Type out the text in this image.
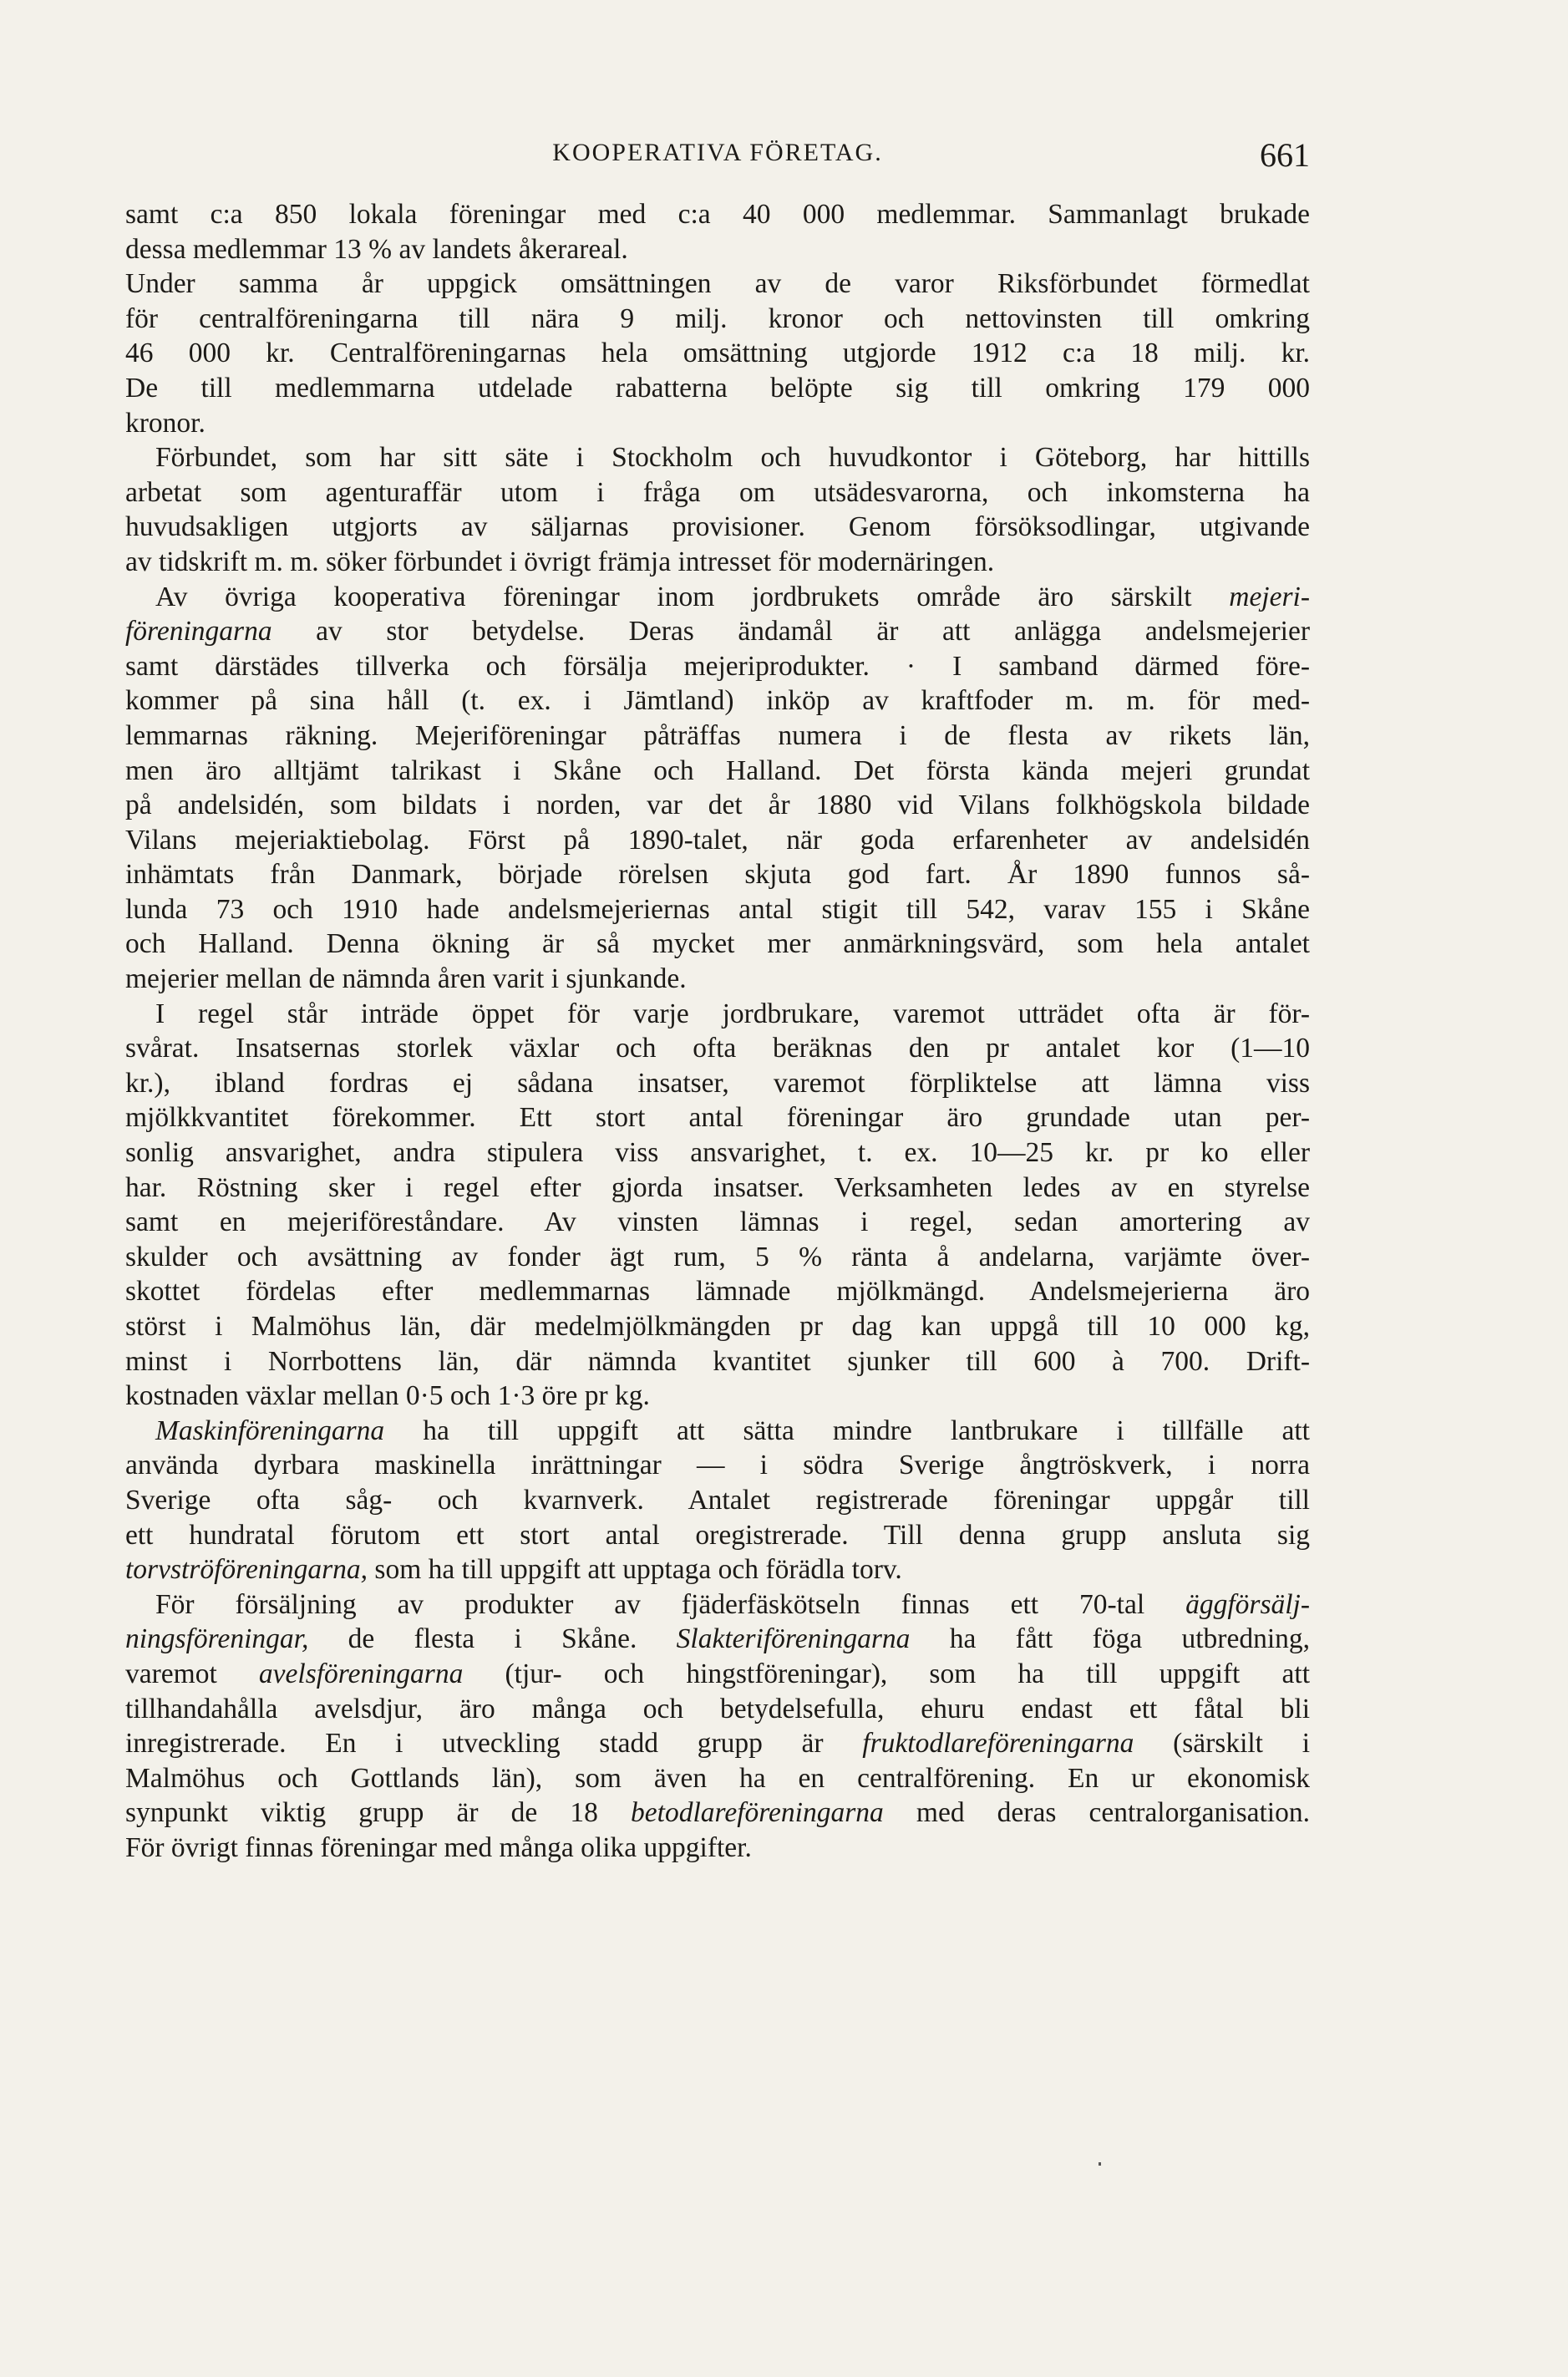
KOOPERATIVA FÖRETAG.	661

samt c:a 850 lokala föreningar med c:a 40 000 medlemmar. Sammanlagt brukade

dessa medlemmar 13 % av landets åkerareal.

Under samma år uppgick omsättningen av de varor Riksförbundet förmedlat

för centralföreningarna till nära 9 milj. kronor och nettovinsten till omkring

46 000 kr. Centralföreningarnas hela omsättning utgjorde 1912 c:a 18 milj. kr.

De till medlemmarna utdelade rabatterna belöpte sig till omkring 179 000

kronor.

Förbundet, som har sitt säte i Stockholm och huvudkontor i Göteborg, har hittills

arbetat som agenturaffär utom i fråga om utsädesvarorna, och inkomsterna ha

huvudsakligen utgjorts av säljarnas provisioner. Genom försöksodlingar, utgivande

av tidskrift m. m. söker förbundet i övrigt främja intresset för modernäringen.

Av övriga kooperativa föreningar inom jordbrukets område äro särskilt mejeri-

föreningarna av stor betydelse. Deras ändamål är att anlägga andelsmejerier

samt därstädes tillverka och försälja mejeriprodukter. · I samband därmed före-

kommer på sina håll (t. ex. i Jämtland) inköp av kraftfoder m. m. för med-

lemmarnas räkning. Mejeriföreningar påträffas numera i de flesta av rikets län,

men äro alltjämt talrikast i Skåne och Halland. Det första kända mejeri grundat

på andelsidén, som bildats i norden, var det år 1880 vid Vilans folkhögskola bildade

Vilans mejeriaktiebolag. Först på 1890-talet, när goda erfarenheter av andelsidén

inhämtats från Danmark, började rörelsen skjuta god fart. År 1890 funnos så-

lunda 73 och 1910 hade andelsmejeriernas antal stigit till 542, varav 155 i Skåne

och Halland. Denna ökning är så mycket mer anmärkningsvärd, som hela antalet

mejerier mellan de nämnda åren varit i sjunkande.

I regel står inträde öppet för varje jordbrukare, varemot utträdet ofta är för-

svårat. Insatsernas storlek växlar och ofta beräknas den pr antalet kor (1—10

kr.), ibland fordras ej sådana insatser, varemot förpliktelse att lämna viss

mjölkkvantitet förekommer. Ett stort antal föreningar äro grundade utan per-

sonlig ansvarighet, andra stipulera viss ansvarighet, t. ex. 10—25 kr. pr ko eller

har. Röstning sker i regel efter gjorda insatser. Verksamheten ledes av en styrelse

samt en mejeriföreståndare. Av vinsten lämnas i regel, sedan amortering av

skulder och avsättning av fonder ägt rum, 5 % ränta å andelarna, varjämte över-

skottet fördelas efter medlemmarnas lämnade mjölkmängd. Andelsmejerierna äro

störst i Malmöhus län, där medelmjölkmängden pr dag kan uppgå till 10 000 kg,

minst i Norrbottens län, där nämnda kvantitet sjunker till 600 à 700. Drift-

kostnaden växlar mellan 0·5 och 1·3 öre pr kg.

Maskinföreningarna ha till uppgift att sätta mindre lantbrukare i tillfälle att

använda dyrbara maskinella inrättningar — i södra Sverige ångtröskverk, i norra

Sverige ofta såg- och kvarnverk. Antalet registrerade föreningar uppgår till

ett hundratal förutom ett stort antal oregistrerade. Till denna grupp ansluta sig

torvströföreningarna, som ha till uppgift att upptaga och förädla torv.

För försäljning av produkter av fjäderfäskötseln finnas ett 70-tal äggförsälj-

ningsföreningar, de flesta i Skåne. Slakteriföreningarna ha fått föga utbredning,

varemot avelsföreningarna (tjur- och hingstföreningar), som ha till uppgift att

tillhandahålla avelsdjur, äro många och betydelsefulla, ehuru endast ett fåtal bli

inregistrerade. En i utveckling stadd grupp är fruktodlareföreningarna (särskilt i

Malmöhus och Gottlands län), som även ha en centralförening. En ur ekonomisk

synpunkt viktig grupp är de 18 betodlareföreningarna med deras centralorganisation.

För övrigt finnas föreningar med många olika uppgifter.
